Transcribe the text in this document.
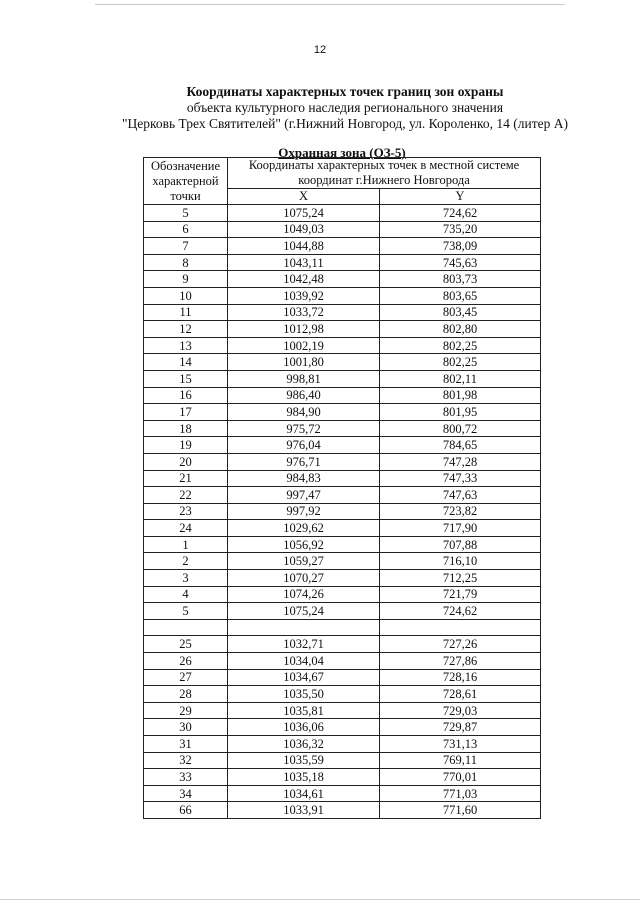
12
Координаты характерных точек границ зон охраны
объекта культурного наследия регионального значения
"Церковь Трех Святителей" (г.Нижний Новгород, ул. Короленко, 14 (литер А)
Охранная зона (ОЗ-5)
Обозначение характерной точки	Координаты характерных точек в местной системе координат г.Нижнего Новгорода	
	X	Y
5	1075,24	724,62
6	1049,03	735,20
7	1044,88	738,09
8	1043,11	745,63
9	1042,48	803,73
10	1039,92	803,65
11	1033,72	803,45
12	1012,98	802,80
13	1002,19	802,25
14	1001,80	802,25
15	998,81	802,11
16	986,40	801,98
17	984,90	801,95
18	975,72	800,72
19	976,04	784,65
20	976,71	747,28
21	984,83	747,33
22	997,47	747,63
23	997,92	723,82
24	1029,62	717,90
1	1056,92	707,88
2	1059,27	716,10
3	1070,27	712,25
4	1074,26	721,79
5	1075,24	724,62

25	1032,71	727,26
26	1034,04	727,86
27	1034,67	728,16
28	1035,50	728,61
29	1035,81	729,03
30	1036,06	729,87
31	1036,32	731,13
32	1035,59	769,11
33	1035,18	770,01
34	1034,61	771,03
66	1033,91	771,60
